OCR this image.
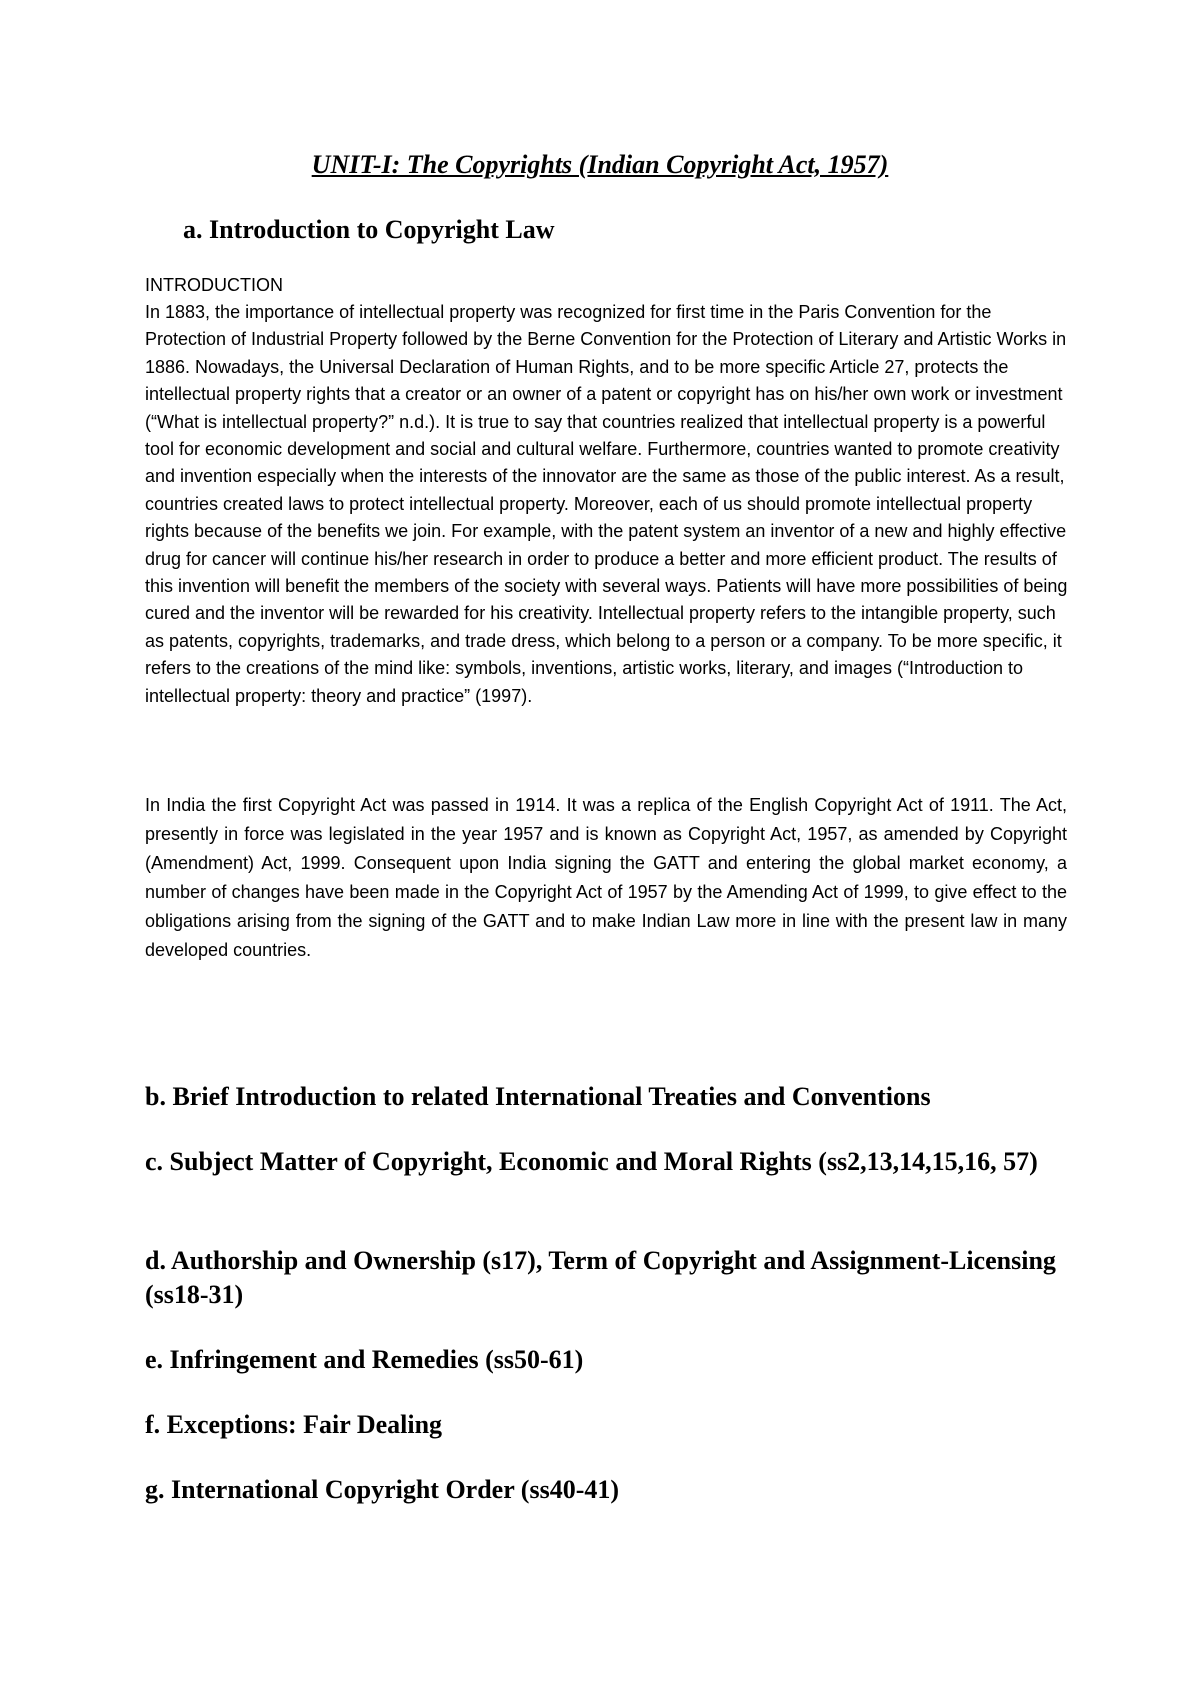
UNIT-I: The Copyrights (Indian Copyright Act, 1957)
a. Introduction to Copyright Law

INTRODUCTION

In 1883, the importance of intellectual property was recognized for first time in the Paris Convention for the Protection of Industrial Property followed by the Berne Convention for the Protection of Literary and Artistic Works in 1886. Nowadays, the Universal Declaration of Human Rights, and to be more specific Article 27, protects the intellectual property rights that a creator or an owner of a patent or copyright has on his/her own work or investment (“What is intellectual property?” n.d.). It is true to say that countries realized that intellectual property is a powerful tool for economic development and social and cultural welfare. Furthermore, countries wanted to promote creativity and invention especially when the interests of the innovator are the same as those of the public interest. As a result, countries created laws to protect intellectual property. Moreover, each of us should promote intellectual property rights because of the benefits we join. For example, with the patent system an inventor of a new and highly effective drug for cancer will continue his/her research in order to produce a better and more efficient product. The results of this invention will benefit the members of the society with several ways. Patients will have more possibilities of being cured and the inventor will be rewarded for his creativity. Intellectual property refers to the intangible property, such as patents, copyrights, trademarks, and trade dress, which belong to a person or a company. To be more specific, it refers to the creations of the mind like: symbols, inventions, artistic works, literary, and images (“Introduction to intellectual property: theory and practice” (1997).

In India the first Copyright Act was passed in 1914. It was a replica of the English Copyright Act of 1911. The Act, presently in force was legislated in the year 1957 and is known as Copyright Act, 1957, as amended by Copyright (Amendment) Act, 1999. Consequent upon India signing the GATT and entering the global market economy, a number of changes have been made in the Copyright Act of 1957 by the Amending Act of 1999, to give effect to the obligations arising from the signing of the GATT and to make Indian Law more in line with the present law in many developed countries.

b. Brief Introduction to related International Treaties and Conventions
c. Subject Matter of Copyright, Economic and Moral Rights (ss2,13,14,15,16, 57)
d. Authorship and Ownership (s17), Term of Copyright and Assignment-Licensing (ss18-31)
e. Infringement and Remedies (ss50-61)
f. Exceptions: Fair Dealing
g. International Copyright Order (ss40-41)
